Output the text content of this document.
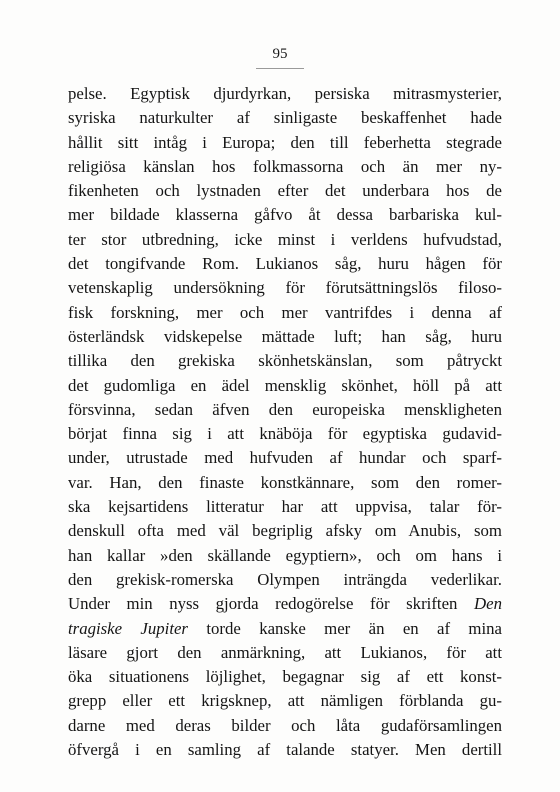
95
pelse. Egyptisk djurdyrkan, persiska mitrasmysterier,
syriska naturkulter af sinligaste beskaffenhet hade
hållit sitt intåg i Europa; den till feberhetta stegrade
religiösa känslan hos folkmassorna och än mer ny-
fikenheten och lystnaden efter det underbara hos de
mer bildade klasserna gåfvo åt dessa barbariska kul-
ter stor utbredning, icke minst i verldens hufvudstad,
det tongifvande Rom. Lukianos såg, huru hågen för
vetenskaplig undersökning för förutsättningslös filoso-
fisk forskning, mer och mer vantrifdes i denna af
österländsk vidskepelse mättade luft; han såg, huru
tillika den grekiska skönhetskänslan, som påtryckt
det gudomliga en ädel mensklig skönhet, höll på att
försvinna, sedan äfven den europeiska menskligheten
börjat finna sig i att knäböja för egyptiska gudavid-
under, utrustade med hufvuden af hundar och sparf-
var. Han, den finaste konstkännare, som den romer-
ska kejsartidens litteratur har att uppvisa, talar för-
denskull ofta med väl begriplig afsky om Anubis, som
han kallar »den skällande egyptiern», och om hans i
den grekisk-romerska Olympen inträngda vederlikar.
Under min nyss gjorda redogörelse för skriften Den
tragiske Jupiter torde kanske mer än en af mina
läsare gjort den anmärkning, att Lukianos, för att
öka situationens löjlighet, begagnar sig af ett konst-
grepp eller ett krigsknep, att nämligen förblanda gu-
darne med deras bilder och låta gudaförsamlingen
öfvergå i en samling af talande statyer. Men dertill
